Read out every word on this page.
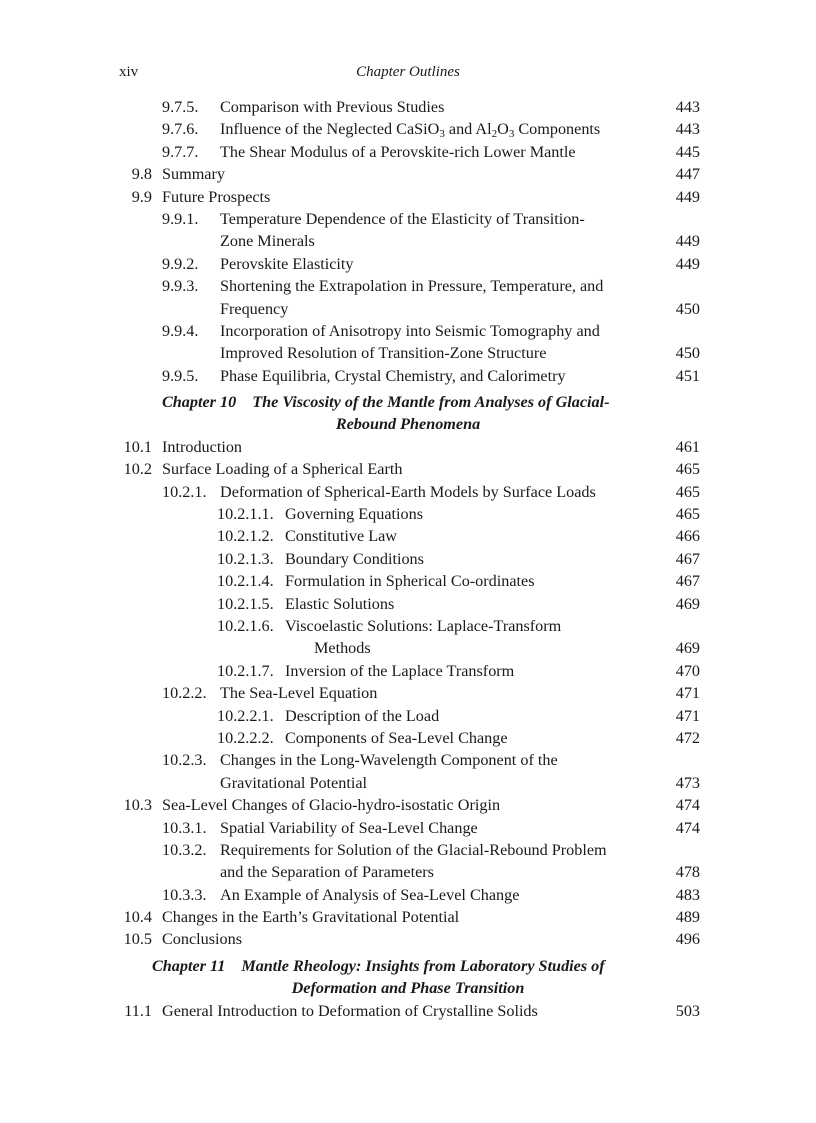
xiv	Chapter Outlines
9.7.5. Comparison with Previous Studies	443
9.7.6. Influence of the Neglected CaSiO$_3$ and $Al_2O_3$ Components	443
9.7.7. The Shear Modulus of a Perovskite-rich Lower Mantle	445
9.8 Summary	447
9.9 Future Prospects	449
9.9.1. Temperature Dependence of the Elasticity of Transition-
Zone Minerals	449
9.9.2. Perovskite Elasticity	449
9.9.3. Shortening the Extrapolation in Pressure, Temperature, and
Frequency	450
9.9.4. Incorporation of Anisotropy into Seismic Tomography and
Improved Resolution of Transition-Zone Structure	450
9.9.5. Phase Equilibria, Crystal Chemistry, and Calorimetry	451
Chapter 10 The Viscosity of the Mantle from Analyses of Glacial-
Rebound Phenomena
10.1 Introduction	461
10.2 Surface Loading of a Spherical Earth	465
10.2.1. Deformation of Spherical-Earth Models by Surface Loads	465
10.2.1.1. Governing Equations	465
10.2.1.2. Constitutive Law	466
10.2.1.3. Boundary Conditions	467
10.2.1.4. Formulation in Spherical Co-ordinates	467
10.2.1.5. Elastic Solutions	469
10.2.1.6. Viscoelastic Solutions: Laplace-Transform
Methods	469
10.2.1.7. Inversion of the Laplace Transform	470
10.2.2. The Sea-Level Equation	471
10.2.2.1. Description of the Load	471
10.2.2.2. Components of Sea-Level Change	472
10.2.3. Changes in the Long-Wavelength Component of the
Gravitational Potential	473
10.3 Sea-Level Changes of Glacio-hydro-isostatic Origin	474
10.3.1. Spatial Variability of Sea-Level Change	474
10.3.2. Requirements for Solution of the Glacial-Rebound Problem
and the Separation of Parameters	478
10.3.3. An Example of Analysis of Sea-Level Change	483
10.4 Changes in the Earth’s Gravitational Potential	489
10.5 Conclusions	496
Chapter 11 Mantle Rheology: Insights from Laboratory Studies of
Deformation and Phase Transition
11.1 General Introduction to Deformation of Crystalline Solids	503
